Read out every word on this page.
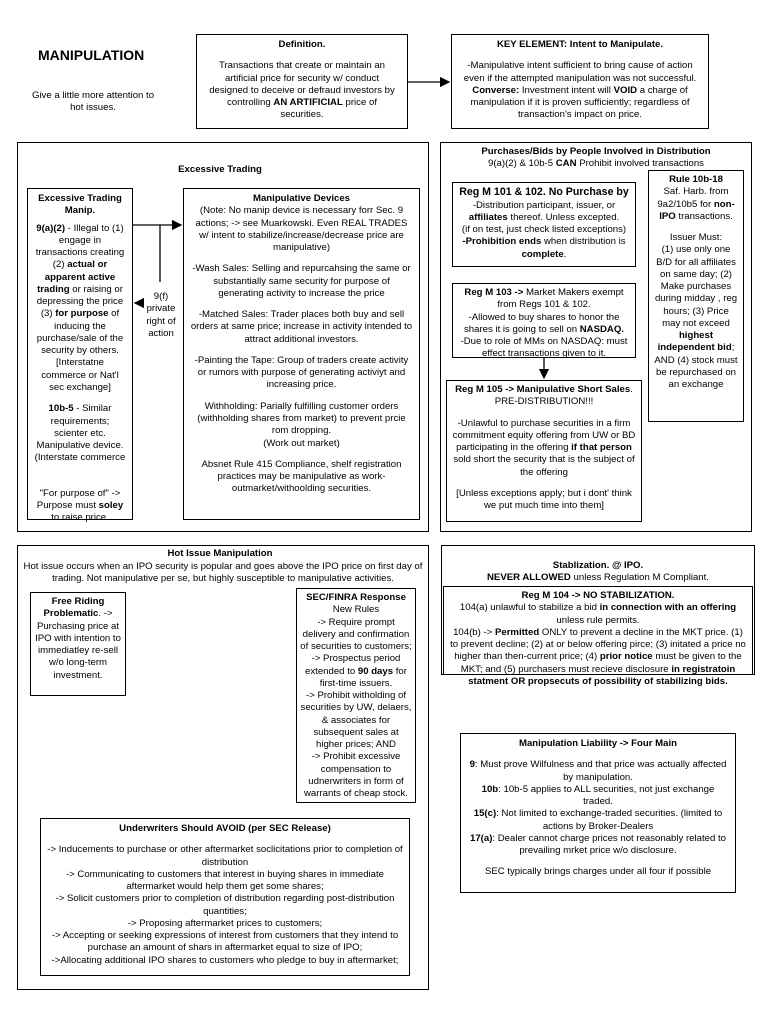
MANIPULATION
Give a little more attention to hot issues.
Definition.

Transactions that create or maintain an artificial price for security w/ conduct designed to deceive or defraud investors by controlling AN ARTIFICIAL price of securities.

KEY ELEMENT: Intent to Manipulate.

-Manipulative intent sufficient to bring cause of action even if the attempted manipulation was not successful. Converse: Investment intent will VOID a charge of manipulation if it is proven sufficiently; regardless of transaction's impact on price.

Excessive Trading
Excessive Trading Manip.

9(a)(2) - Illegal to (1) engage in transactions creating (2) actual or apparent active trading or raising or depressing the price (3) for purpose of inducing the purchase/sale of the security by others. [Interstatne commerce or Nat'l sec exchange]

10b-5 - Similar requirements; scienter etc. Manipulative device. (Interstate commerce

"For purpose of" -> Purpose must soley to raise price.

9(f) private right of action
Manipulative Devices

(Note: No manip device is necessary forr Sec. 9 actions; -> see Muarkowski. Even REAL TRADES w/ intent to stabilize/increase/decrease price are manipulative)

-Wash Sales: Selling and repurcahsing the same or substantially same security for purpose of generating activity to increase the price

-Matched Sales: Trader places both buy and sell orders at same price; increase in activity intended to attract additional investors.

-Painting the Tape: Group of traders create activity or rumors with purpose of generating activiyt and increasing price.

Withholding: Parially fulfilling customer orders (withholding shares from market) to prevent prcie rom dropping.

(Work out market)

Absnet Rule 415 Compliance, shelf registration practices may be manipulative as work-outmarket/withoolding securities.

Purchases/Bids by People Involved in Distribution
9(a)(2) & 10b-5 CAN Prohibit involved transactions
Reg M 101 & 102. No Purchase by

-Distribution participant, issuer, or affiliates thereof. Unless excepted.

(if on test, just check listed exceptions)

-Prohibition ends when distribution is complete.

Reg M 103 -> Market Makers exempt from Regs 101 & 102.

-Allowed to buy shares to honor the shares it is going to sell on NASDAQ.

-Due to role of MMs on NASDAQ: must effect transactions given to it.

Reg M 105 -> Manipulative Short Sales. PRE-DISTRIBUTION!!!

-Unlawful to purchase securities in a firm commitment equity offering from UW or BD participating in the offering if that person sold short the security that is the subject of the offering

[Unless exceptions apply; but i dont' think we put much time into them]

Rule 10b-18

Saf. Harb. from 9a2/10b5 for non-IPO transactions.

Issuer Must:

(1) use only one B/D for all affiliates on same day; (2) Make purchases during midday , reg hours; (3) Price may not exceed highest independent bid; AND (4) stock must be repurchased on an exchange

Hot Issue Manipulation
Hot issue occurs when an IPO security is popular and goes above the IPO price on first day of trading. Not manipulative per se, but highly susceptible to manipulative activities.

Free Riding Problematic. -> Purchasing price at IPO with intention to immediatley re-sell w/o long-term investment.

SEC/FINRA Response

New Rules

-> Require prompt delivery and confirmation of securities to customers;

-> Prospectus period extended to 90 days for first-time issuers.

-> Prohibit witholding of securities by UW, delaers, & associates for subsequent sales at higher prices; AND

-> Prohibit excessive compensation to udnerwriters in form of warrants of cheap stock.

Underwriters Should AVOID (per SEC Release)

-> Inducements to purchase or other aftermarket soclicitations prior to completion of distribution

-> Communicating to customers that interest in buying shares in immediate aftermarket would help them get some shares;

-> Solicit customers prior to completion of distribution regarding post-distribution quantities;

-> Proposing aftermarket prices to customers;

-> Accepting or seeking expressions of interest from customers that they intend to purchase an amount of shars in aftermarket equal to size of IPO;

->Allocating additional IPO shares to customers who pledge to buy in aftermarket;

Stablization. @ IPO.

NEVER ALLOWED unless Regulation M Compliant.

Reg M 104 -> NO STABILIZATION.

104(a) unlawful to stabilize a bid in connection with an offering unless rule permits.

104(b) -> Permitted ONLY to prevent a decline in the MKT price. (1) to prevent decline; (2) at or below offering pirce; (3) initated a price no higher than then-current price; (4) prior notice must be given to the MKT; and (5) purchasers must recieve disclosure in registratoin statment OR propsecuts of possibility of stabilizing bids.

Manipulation Liability -> Four Main

9: Must prove Wilfulness and that price was actually affected by manipulation.

10b: 10b-5 applies to ALL securities, not just exchange traded.

15(c): Not limited to exchange-traded securities. (limited to actions by Broker-Dealers

17(a): Dealer cannot charge prices not reasonably related to prevailing mrket price w/o disclosure.

SEC typically brings charges under all four if possible
